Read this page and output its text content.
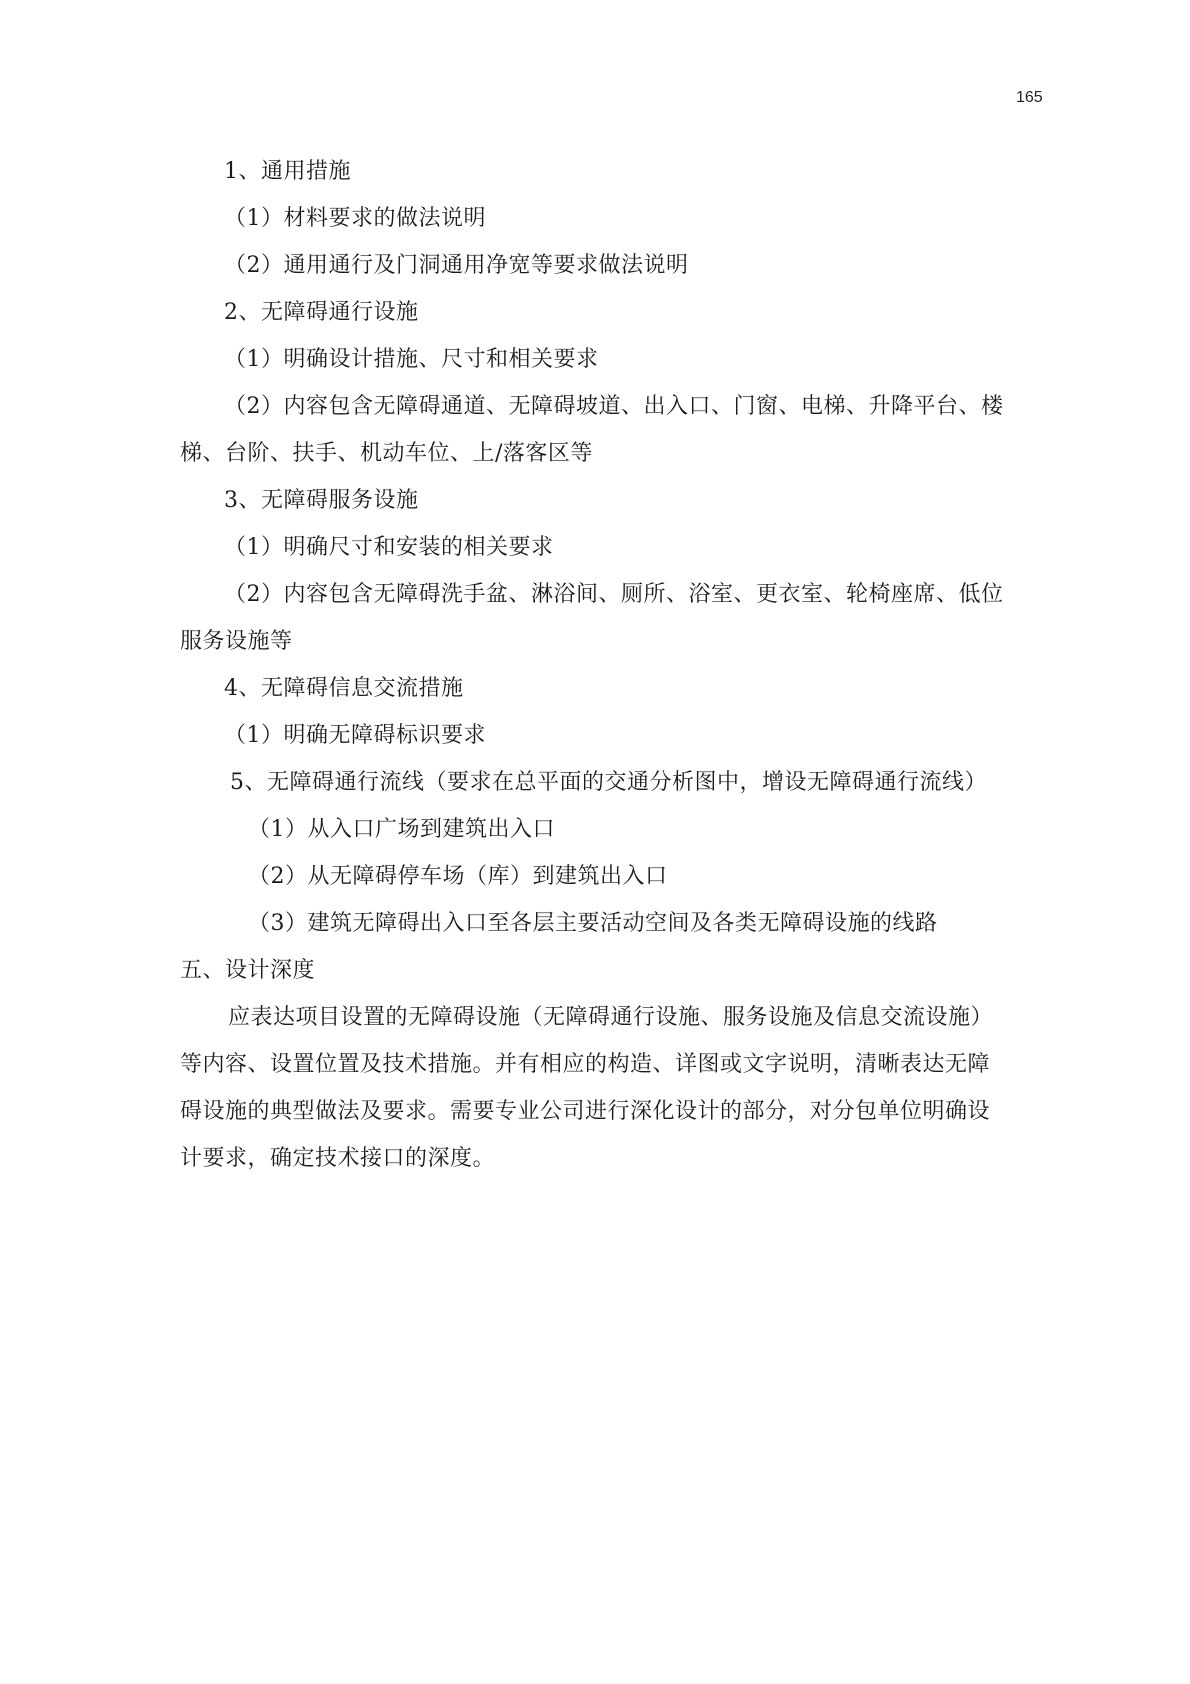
165

1、通用措施

（1）材料要求的做法说明

（2）通用通行及门洞通用净宽等要求做法说明

2、无障碍通行设施

（1）明确设计措施、尺寸和相关要求

（2）内容包含无障碍通道、无障碍坡道、出入口、门窗、电梯、升降平台、楼梯、台阶、扶手、机动车位、上/落客区等

3、无障碍服务设施

（1）明确尺寸和安装的相关要求

（2）内容包含无障碍洗手盆、淋浴间、厕所、浴室、更衣室、轮椅座席、低位服务设施等

4、无障碍信息交流措施

（1）明确无障碍标识要求

5、无障碍通行流线（要求在总平面的交通分析图中，增设无障碍通行流线）

（1）从入口广场到建筑出入口

（2）从无障碍停车场（库）到建筑出入口

（3）建筑无障碍出入口至各层主要活动空间及各类无障碍设施的线路

五、设计深度

应表达项目设置的无障碍设施（无障碍通行设施、服务设施及信息交流设施）等内容、设置位置及技术措施。并有相应的构造、详图或文字说明，清晰表达无障碍设施的典型做法及要求。需要专业公司进行深化设计的部分，对分包单位明确设计要求，确定技术接口的深度。
